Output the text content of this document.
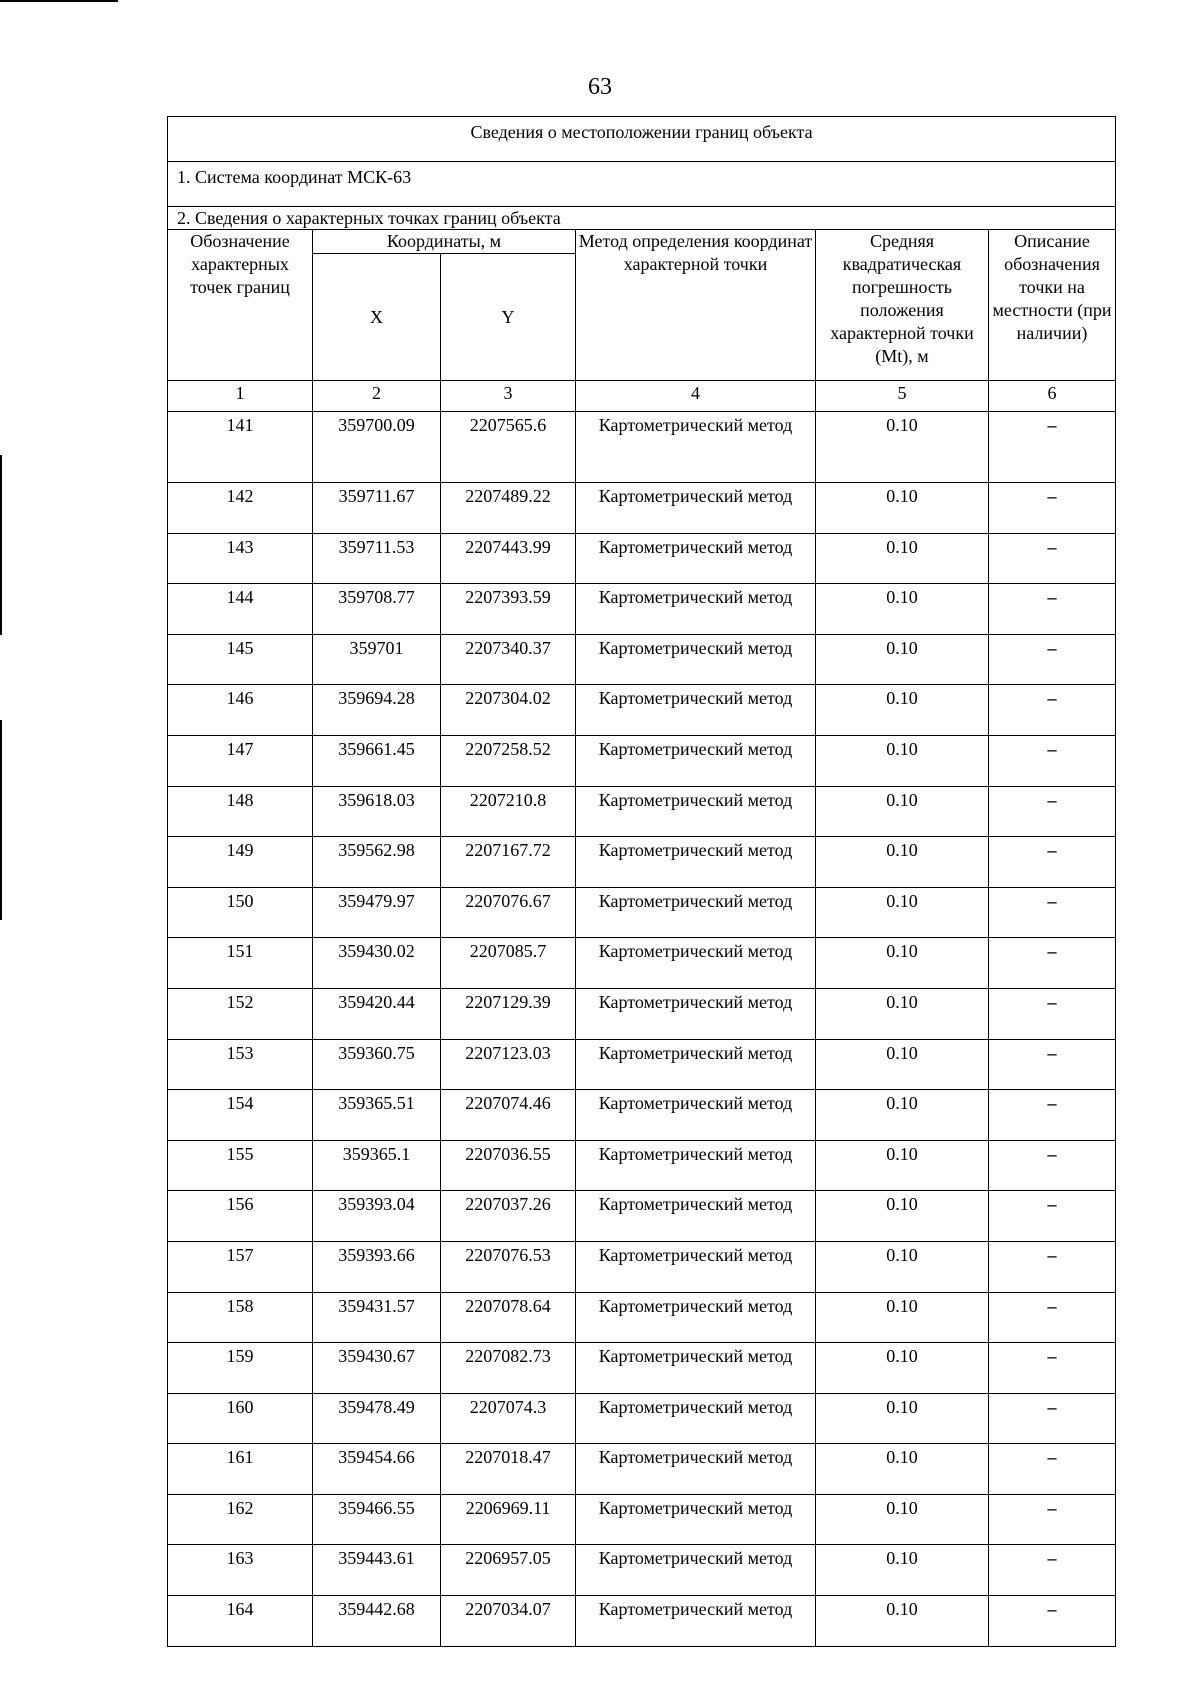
63
Сведения о местоположении границ объекта					
1. Система координат МСК-63					
2. Сведения о характерных точках границ объекта					
Обозначение характерных точек границ	Координаты, м		Метод определения координат характерной точки	Средняя квадратическая погрешность положения характерной точки (Mt), м	Описание обозначения точки на местности (при наличии)
	X	Y			
1	2	3	4	5	6
141	359700.09	2207565.6	Картометрический метод	0.10	–
142	359711.67	2207489.22	Картометрический метод	0.10	–
143	359711.53	2207443.99	Картометрический метод	0.10	–
144	359708.77	2207393.59	Картометрический метод	0.10	–
145	359701	2207340.37	Картометрический метод	0.10	–
146	359694.28	2207304.02	Картометрический метод	0.10	–
147	359661.45	2207258.52	Картометрический метод	0.10	–
148	359618.03	2207210.8	Картометрический метод	0.10	–
149	359562.98	2207167.72	Картометрический метод	0.10	–
150	359479.97	2207076.67	Картометрический метод	0.10	–
151	359430.02	2207085.7	Картометрический метод	0.10	–
152	359420.44	2207129.39	Картометрический метод	0.10	–
153	359360.75	2207123.03	Картометрический метод	0.10	–
154	359365.51	2207074.46	Картометрический метод	0.10	–
155	359365.1	2207036.55	Картометрический метод	0.10	–
156	359393.04	2207037.26	Картометрический метод	0.10	–
157	359393.66	2207076.53	Картометрический метод	0.10	–
158	359431.57	2207078.64	Картометрический метод	0.10	–
159	359430.67	2207082.73	Картометрический метод	0.10	–
160	359478.49	2207074.3	Картометрический метод	0.10	–
161	359454.66	2207018.47	Картометрический метод	0.10	–
162	359466.55	2206969.11	Картометрический метод	0.10	–
163	359443.61	2206957.05	Картометрический метод	0.10	–
164	359442.68	2207034.07	Картометрический метод	0.10	–
